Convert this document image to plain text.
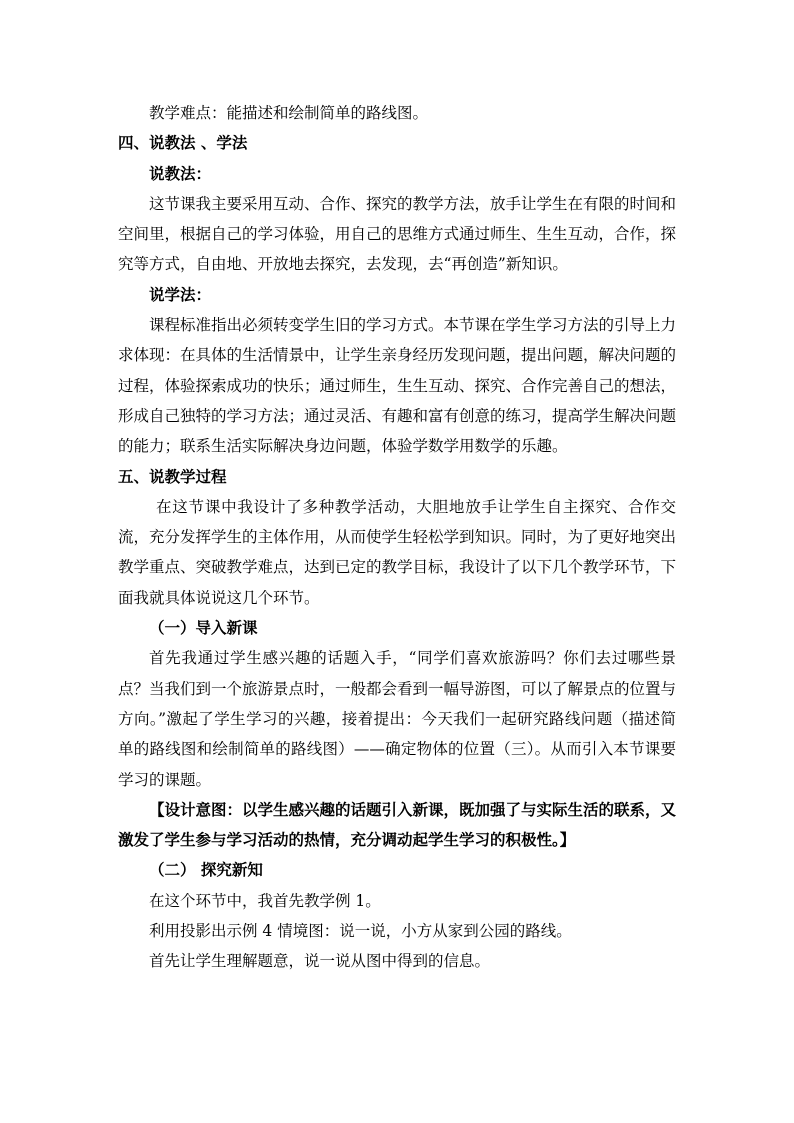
教学难点：能描述和绘制简单的路线图。

四、说教法 、学法

说教法：

这节课我主要采用互动、合作、探究的教学方法，放手让学生在有限的时间和空间里，根据自己的学习体验，用自己的思维方式通过师生、生生互动，合作，探究等方式，自由地、开放地去探究，去发现，去“再创造”新知识。

说学法：

课程标准指出必须转变学生旧的学习方式。本节课在学生学习方法的引导上力求体现：在具体的生活情景中，让学生亲身经历发现问题，提出问题，解决问题的过程，体验探索成功的快乐；通过师生，生生互动、探究、合作完善自己的想法，形成自己独特的学习方法；通过灵活、有趣和富有创意的练习，提高学生解决问题的能力；联系生活实际解决身边问题，体验学数学用数学的乐趣。

五、说教学过程

在这节课中我设计了多种教学活动，大胆地放手让学生自主探究、合作交流，充分发挥学生的主体作用，从而使学生轻松学到知识。同时，为了更好地突出教学重点、突破教学难点，达到已定的教学目标，我设计了以下几个教学环节，下面我就具体说说这几个环节。

（一）导入新课

首先我通过学生感兴趣的话题入手，“同学们喜欢旅游吗？你们去过哪些景点？当我们到一个旅游景点时，一般都会看到一幅导游图，可以了解景点的位置与方向。”激起了学生学习的兴趣，接着提出：今天我们一起研究路线问题（描述简单的路线图和绘制简单的路线图）——确定物体的位置（三）。从而引入本节课要学习的课题。

【设计意图：以学生感兴趣的话题引入新课，既加强了与实际生活的联系，又激发了学生参与学习活动的热情，充分调动起学生学习的积极性。】

（二） 探究新知

在这个环节中，我首先教学例 1。

利用投影出示例 4 情境图：说一说，小方从家到公园的路线。

首先让学生理解题意，说一说从图中得到的信息。
